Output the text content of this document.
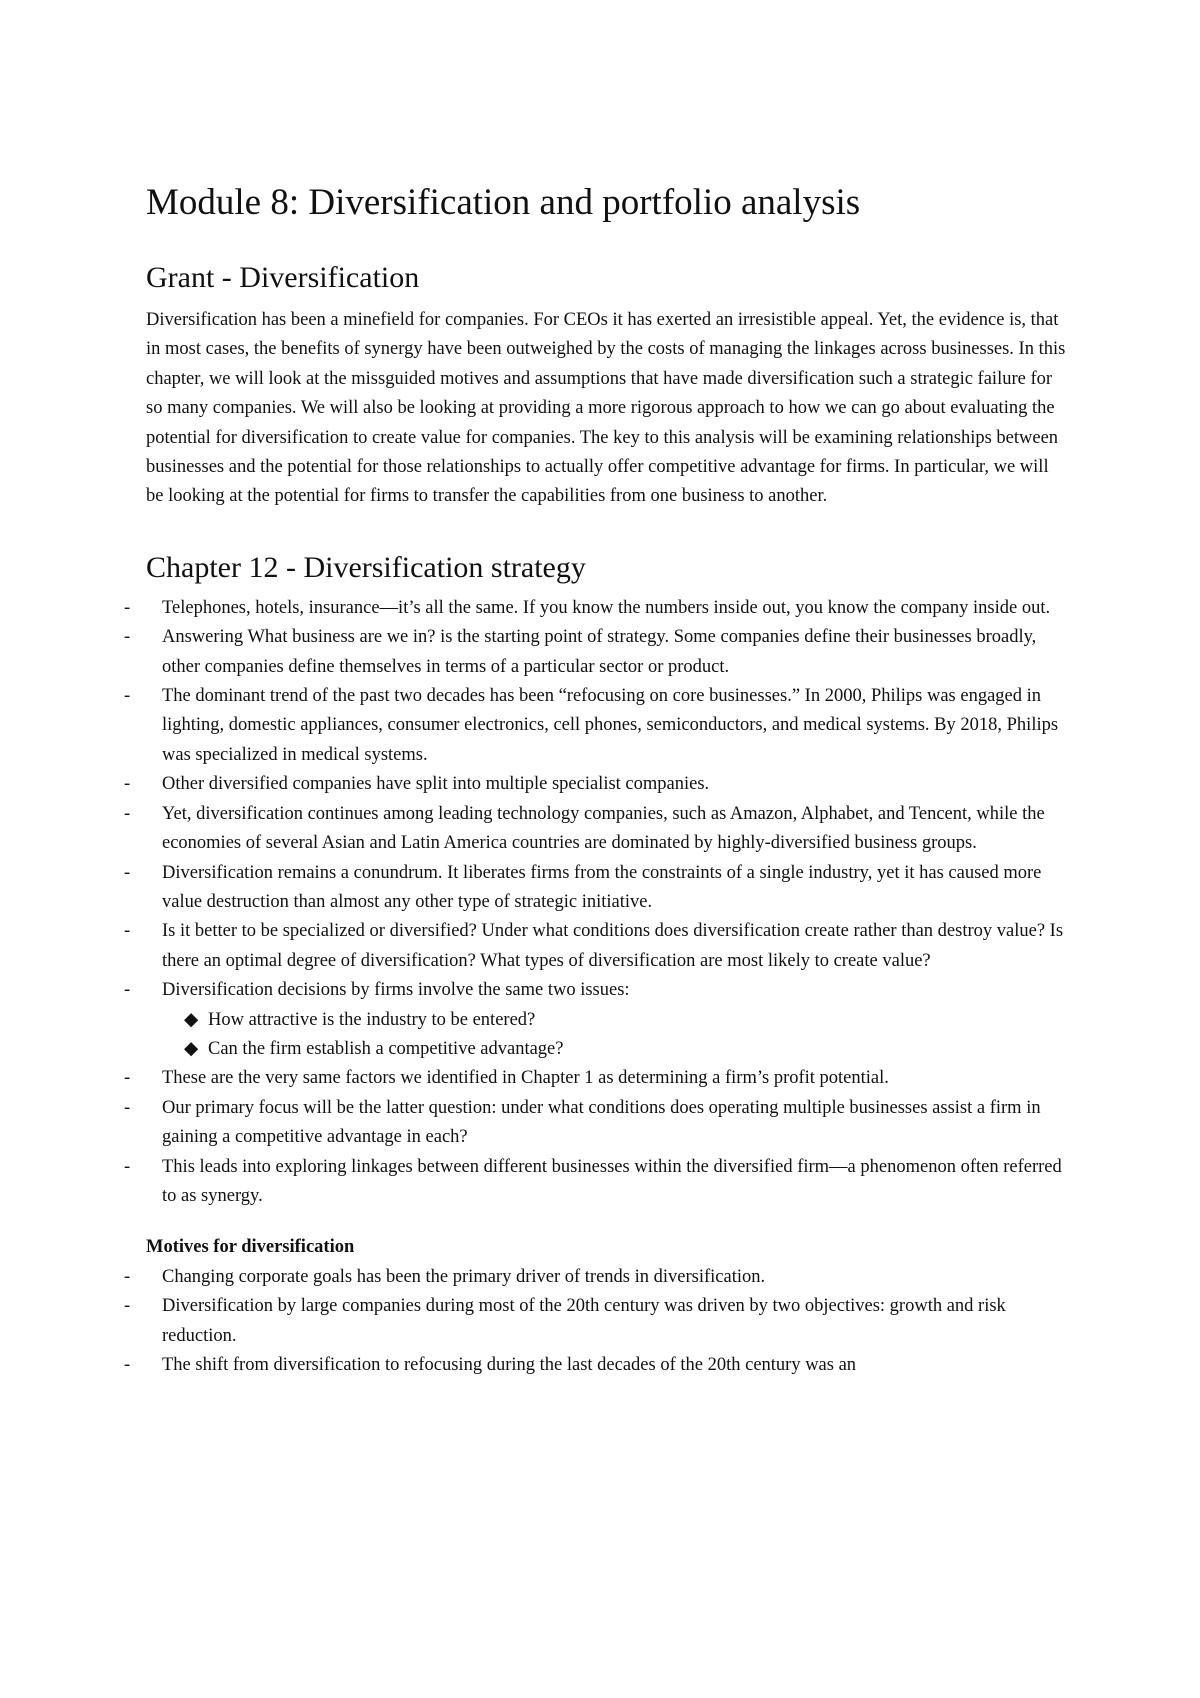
Module 8: Diversification and portfolio analysis
Grant - Diversification

Diversification has been a minefield for companies. For CEOs it has exerted an irresistible appeal. Yet, the evidence is, that in most cases, the benefits of synergy have been outweighed by the costs of managing the linkages across businesses. In this chapter, we will look at the missguided motives and assumptions that have made diversification such a strategic failure for so many companies. We will also be looking at providing a more rigorous approach to how we can go about evaluating the potential for diversification to create value for companies. The key to this analysis will be examining relationships between businesses and the potential for those relationships to actually offer competitive advantage for firms. In particular, we will be looking at the potential for firms to transfer the capabilities from one business to another.

Chapter 12 - Diversification strategy
- Telephones, hotels, insurance—it’s all the same. If you know the numbers inside out, you know the company inside out.
- Answering What business are we in? is the starting point of strategy. Some companies define their businesses broadly, other companies define themselves in terms of a particular sector or product.
- The dominant trend of the past two decades has been “refocusing on core businesses.” In 2000, Philips was engaged in lighting, domestic appliances, consumer electronics, cell phones, semiconductors, and medical systems. By 2018, Philips was specialized in medical systems.
- Other diversified companies have split into multiple specialist companies.
- Yet, diversification continues among leading technology companies, such as Amazon, Alphabet, and Tencent, while the economies of several Asian and Latin America countries are dominated by highly-diversified business groups.
- Diversification remains a conundrum. It liberates firms from the constraints of a single industry, yet it has caused more value destruction than almost any other type of strategic initiative.
- Is it better to be specialized or diversified? Under what conditions does diversification create rather than destroy value? Is there an optimal degree of diversification? What types of diversification are most likely to create value?
- Diversification decisions by firms involve the same two issues:
◆ How attractive is the industry to be entered?
◆ Can the firm establish a competitive advantage?
- These are the very same factors we identified in Chapter 1 as determining a firm’s profit potential.
- Our primary focus will be the latter question: under what conditions does operating multiple businesses assist a firm in gaining a competitive advantage in each?
- This leads into exploring linkages between different businesses within the diversified firm—a phenomenon often referred to as synergy.
Motives for diversification
- Changing corporate goals has been the primary driver of trends in diversification.
- Diversification by large companies during most of the 20th century was driven by two objectives: growth and risk reduction.
- The shift from diversification to refocusing during the last decades of the 20th century was an
